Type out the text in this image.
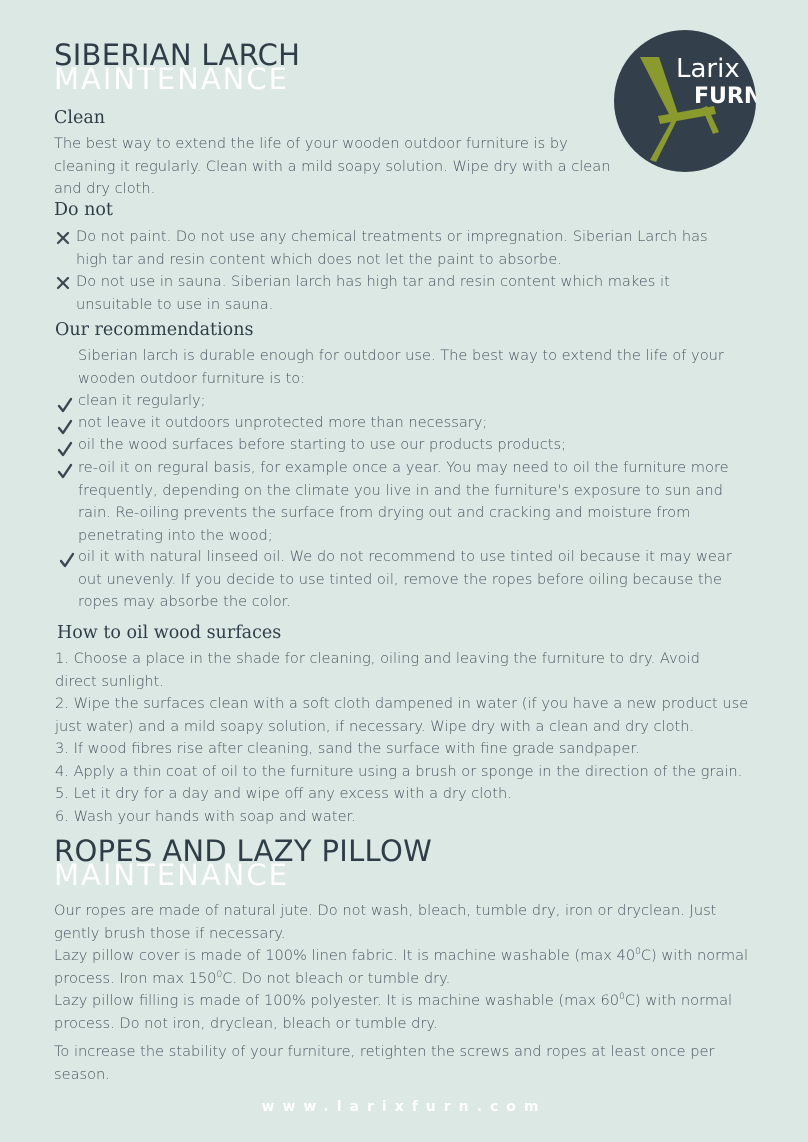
SIBERIAN LARCH
MAINTENANCE	Larix
FURN
Clean
The best way to extend the life of your wooden outdoor furniture is by
cleaning it regularly. Clean with a mild soapy solution. Wipe dry with a clean
and dry cloth.
Do not
Do not paint. Do not use any chemical treatments or impregnation. Siberian Larch has
high tar and resin content which does not let the paint to absorbe.
Do not use in sauna. Siberian larch has high tar and resin content which makes it
unsuitable to use in sauna.
Our recommendations
Siberian larch is durable enough for outdoor use. The best way to extend the life of your
wooden outdoor furniture is to:
clean it regularly;
not leave it outdoors unprotected more than necessary;
oil the wood surfaces before starting to use our products products;
re-oil it on regural basis, for example once a year. You may need to oil the furniture more
frequently, depending on the climate you live in and the furniture's exposure to sun and
rain. Re-oiling prevents the surface from drying out and cracking and moisture from
penetrating into the wood;
oil it with natural linseed oil. We do not recommend to use tinted oil because it may wear
out unevenly. If you decide to use tinted oil, remove the ropes before oiling because the
ropes may absorbe the color.
How to oil wood surfaces
1. Choose a place in the shade for cleaning, oiling and leaving the furniture to dry. Avoid
direct sunlight.
2. Wipe the surfaces clean with a soft cloth dampened in water (if you have a new product use
just water) and a mild soapy solution, if necessary. Wipe dry with a clean and dry cloth.
3. If wood fibres rise after cleaning, sand the surface with fine grade sandpaper.
4. Apply a thin coat of oil to the furniture using a brush or sponge in the direction of the grain.
5. Let it dry for a day and wipe off any excess with a dry cloth.
6. Wash your hands with soap and water.
ROPES AND LAZY PILLOW
MAINTENANCE
Our ropes are made of natural jute. Do not wash, bleach, tumble dry, iron or dryclean. Just
gently brush those if necessary.
Lazy pillow cover is made of 100% linen fabric. It is machine washable (max $40^0C$) with normal
process. Iron $\max 150^0C$. Do not bleach or tumble dry.
Lazy pillow filling is made of 100% polyester. It is machine washable (max $60^0C$) with normal
process. Do not iron, dryclean, bleach or tumble dry.
To increase the stability of your furniture, retighten the screws and ropes at least once per
season.
www.larixfurn.com
